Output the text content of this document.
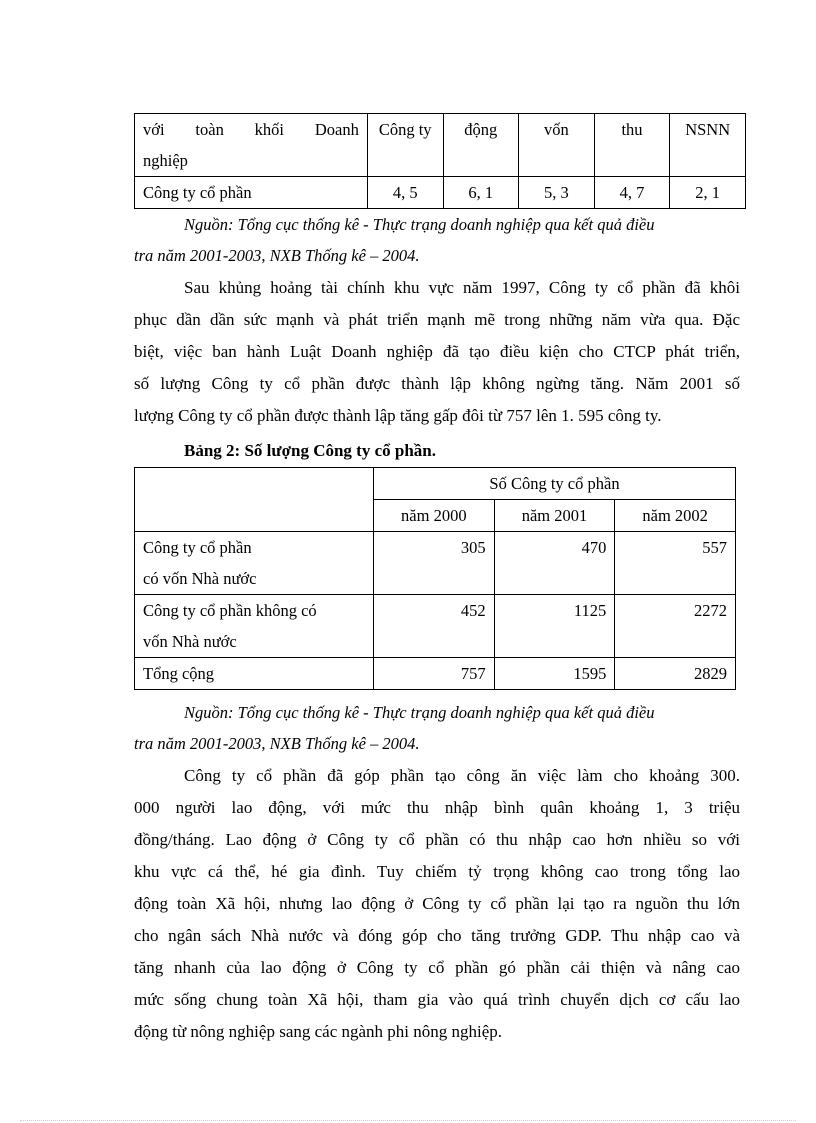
với toàn khối Doanh
nghiệp	Công ty	động	vốn	thu	NSNN
Công ty cổ phần	4, 5	6, 1	5, 3	4, 7	2, 1
Nguồn: Tổng cục thống kê - Thực trạng doanh nghiệp qua kết quả điều
tra năm 2001-2003, NXB Thống kê – 2004.
Sau khủng hoảng tài chính khu vực năm 1997, Công ty cổ phần đã khôi
phục dần dần sức mạnh và phát triển mạnh mẽ trong những năm vừa qua. Đặc
biệt, việc ban hành Luật Doanh nghiệp đã tạo điều kiện cho CTCP phát triển,
số lượng Công ty cổ phần được thành lập không ngừng tăng. Năm 2001 số
lượng Công ty cổ phần được thành lập tăng gấp đôi từ 757 lên 1. 595 công ty.
Bảng 2: Số lượng Công ty cổ phần.
	Số Công ty cổ phần		
	năm 2000	năm 2001	năm 2002

Công ty cổ phần
có vốn Nhà nước	305	470	557

Công ty cổ phần không có
vốn Nhà nước	452	1125	2272
Tổng cộng	757	1595	2829
Nguồn: Tổng cục thống kê - Thực trạng doanh nghiệp qua kết quả điều
tra năm 2001-2003, NXB Thống kê – 2004.
Công ty cổ phần đã góp phần tạo công ăn việc làm cho khoảng 300.
000 người lao động, với mức thu nhập bình quân khoảng 1, 3 triệu
đồng/tháng. Lao động ở Công ty cổ phần có thu nhập cao hơn nhiều so với
khu vực cá thể, hé gia đình. Tuy chiếm tỷ trọng không cao trong tổng lao
động toàn Xã hội, nhưng lao động ở Công ty cổ phần lại tạo ra nguồn thu lớn
cho ngân sách Nhà nước và đóng góp cho tăng trưởng GDP. Thu nhập cao và
tăng nhanh của lao động ở Công ty cổ phần gó phần cải thiện và nâng cao
mức sống chung toàn Xã hội, tham gia vào quá trình chuyển dịch cơ cấu lao
động từ nông nghiệp sang các ngành phi nông nghiệp.
